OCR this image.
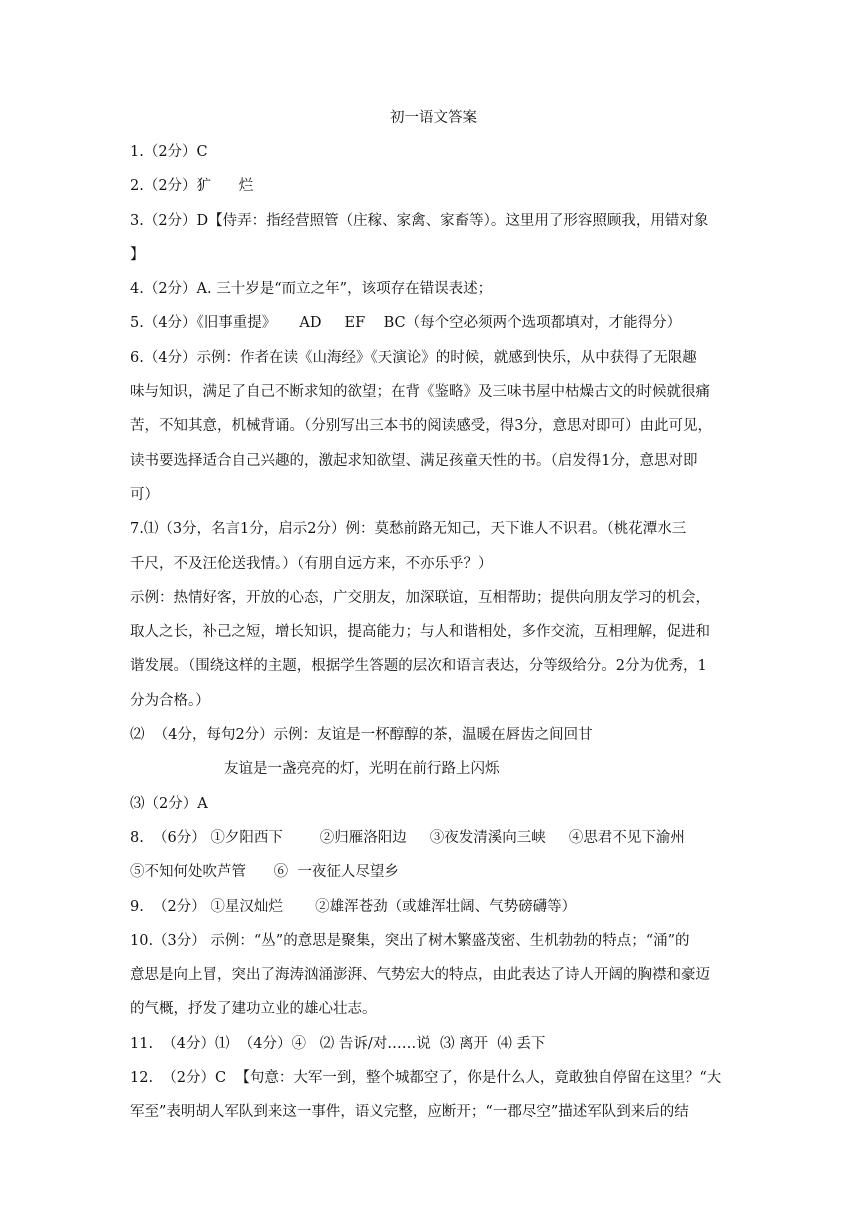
初一语文答案
1.（2分）C
2.（2分）犷      烂
3.（2分）D【侍弄：指经营照管（庄稼、家禽、家畜等）。这里用了形容照顾我，用错对象
】
4.（2分）A. 三十岁是“而立之年”，该项存在错误表述；
5.（4分）《旧事重提》     AD     EF    BC（每个空必须两个选项都填对，才能得分）
6.（4分）示例：作者在读《山海经》《天演论》的时候，就感到快乐，从中获得了无限趣
味与知识，满足了自己不断求知的欲望；在背《鉴略》及三味书屋中枯燥古文的时候就很痛
苦，不知其意，机械背诵。（分别写出三本书的阅读感受，得3分，意思对即可）由此可见，
读书要选择适合自己兴趣的，激起求知欲望、满足孩童天性的书。（启发得1分，意思对即
可）
7.⑴（3分，名言1分，启示2分）例：莫愁前路无知己，天下谁人不识君。（桃花潭水三
千尺，不及汪伦送我情。）（有朋自远方来，不亦乐乎？）
示例：热情好客，开放的心态，广交朋友，加深联谊，互相帮助；提供向朋友学习的机会，
取人之长，补己之短，增长知识，提高能力；与人和谐相处，多作交流，互相理解，促进和
谐发展。（围绕这样的主题，根据学生答题的层次和语言表达，分等级给分。2分为优秀，1
分为合格。）
⑵  （4分，每句2分）示例：友谊是一杯醇醇的茶，温暖在唇齿之间回甘
友谊是一盏亮亮的灯，光明在前行路上闪烁
⑶（2分）A
8.  （6分） ①夕阳西下        ②归雁洛阳边     ③夜发清溪向三峡     ④思君不见下渝州
⑤不知何处吹芦管      ⑥  一夜征人尽望乡
9.  （2分） ①星汉灿烂       ②雄浑苍劲（或雄浑壮阔、气势磅礴等）
10.（3分） 示例：“丛”的意思是聚集，突出了树木繁盛茂密、生机勃勃的特点；“涌”的
意思是向上冒，突出了海涛汹涌澎湃、气势宏大的特点，由此表达了诗人开阔的胸襟和豪迈
的气概，抒发了建功立业的雄心壮志。
11.  （4分）⑴  （4分）④   ⑵ 告诉/对……说  ⑶ 离开  ⑷ 丢下
12.  （2分）C  【句意：大军一到，整个城都空了，你是什么人，竟敢独自停留在这里？“大
军至”表明胡人军队到来这一事件，语义完整，应断开；“一郡尽空”描述军队到来后的结
